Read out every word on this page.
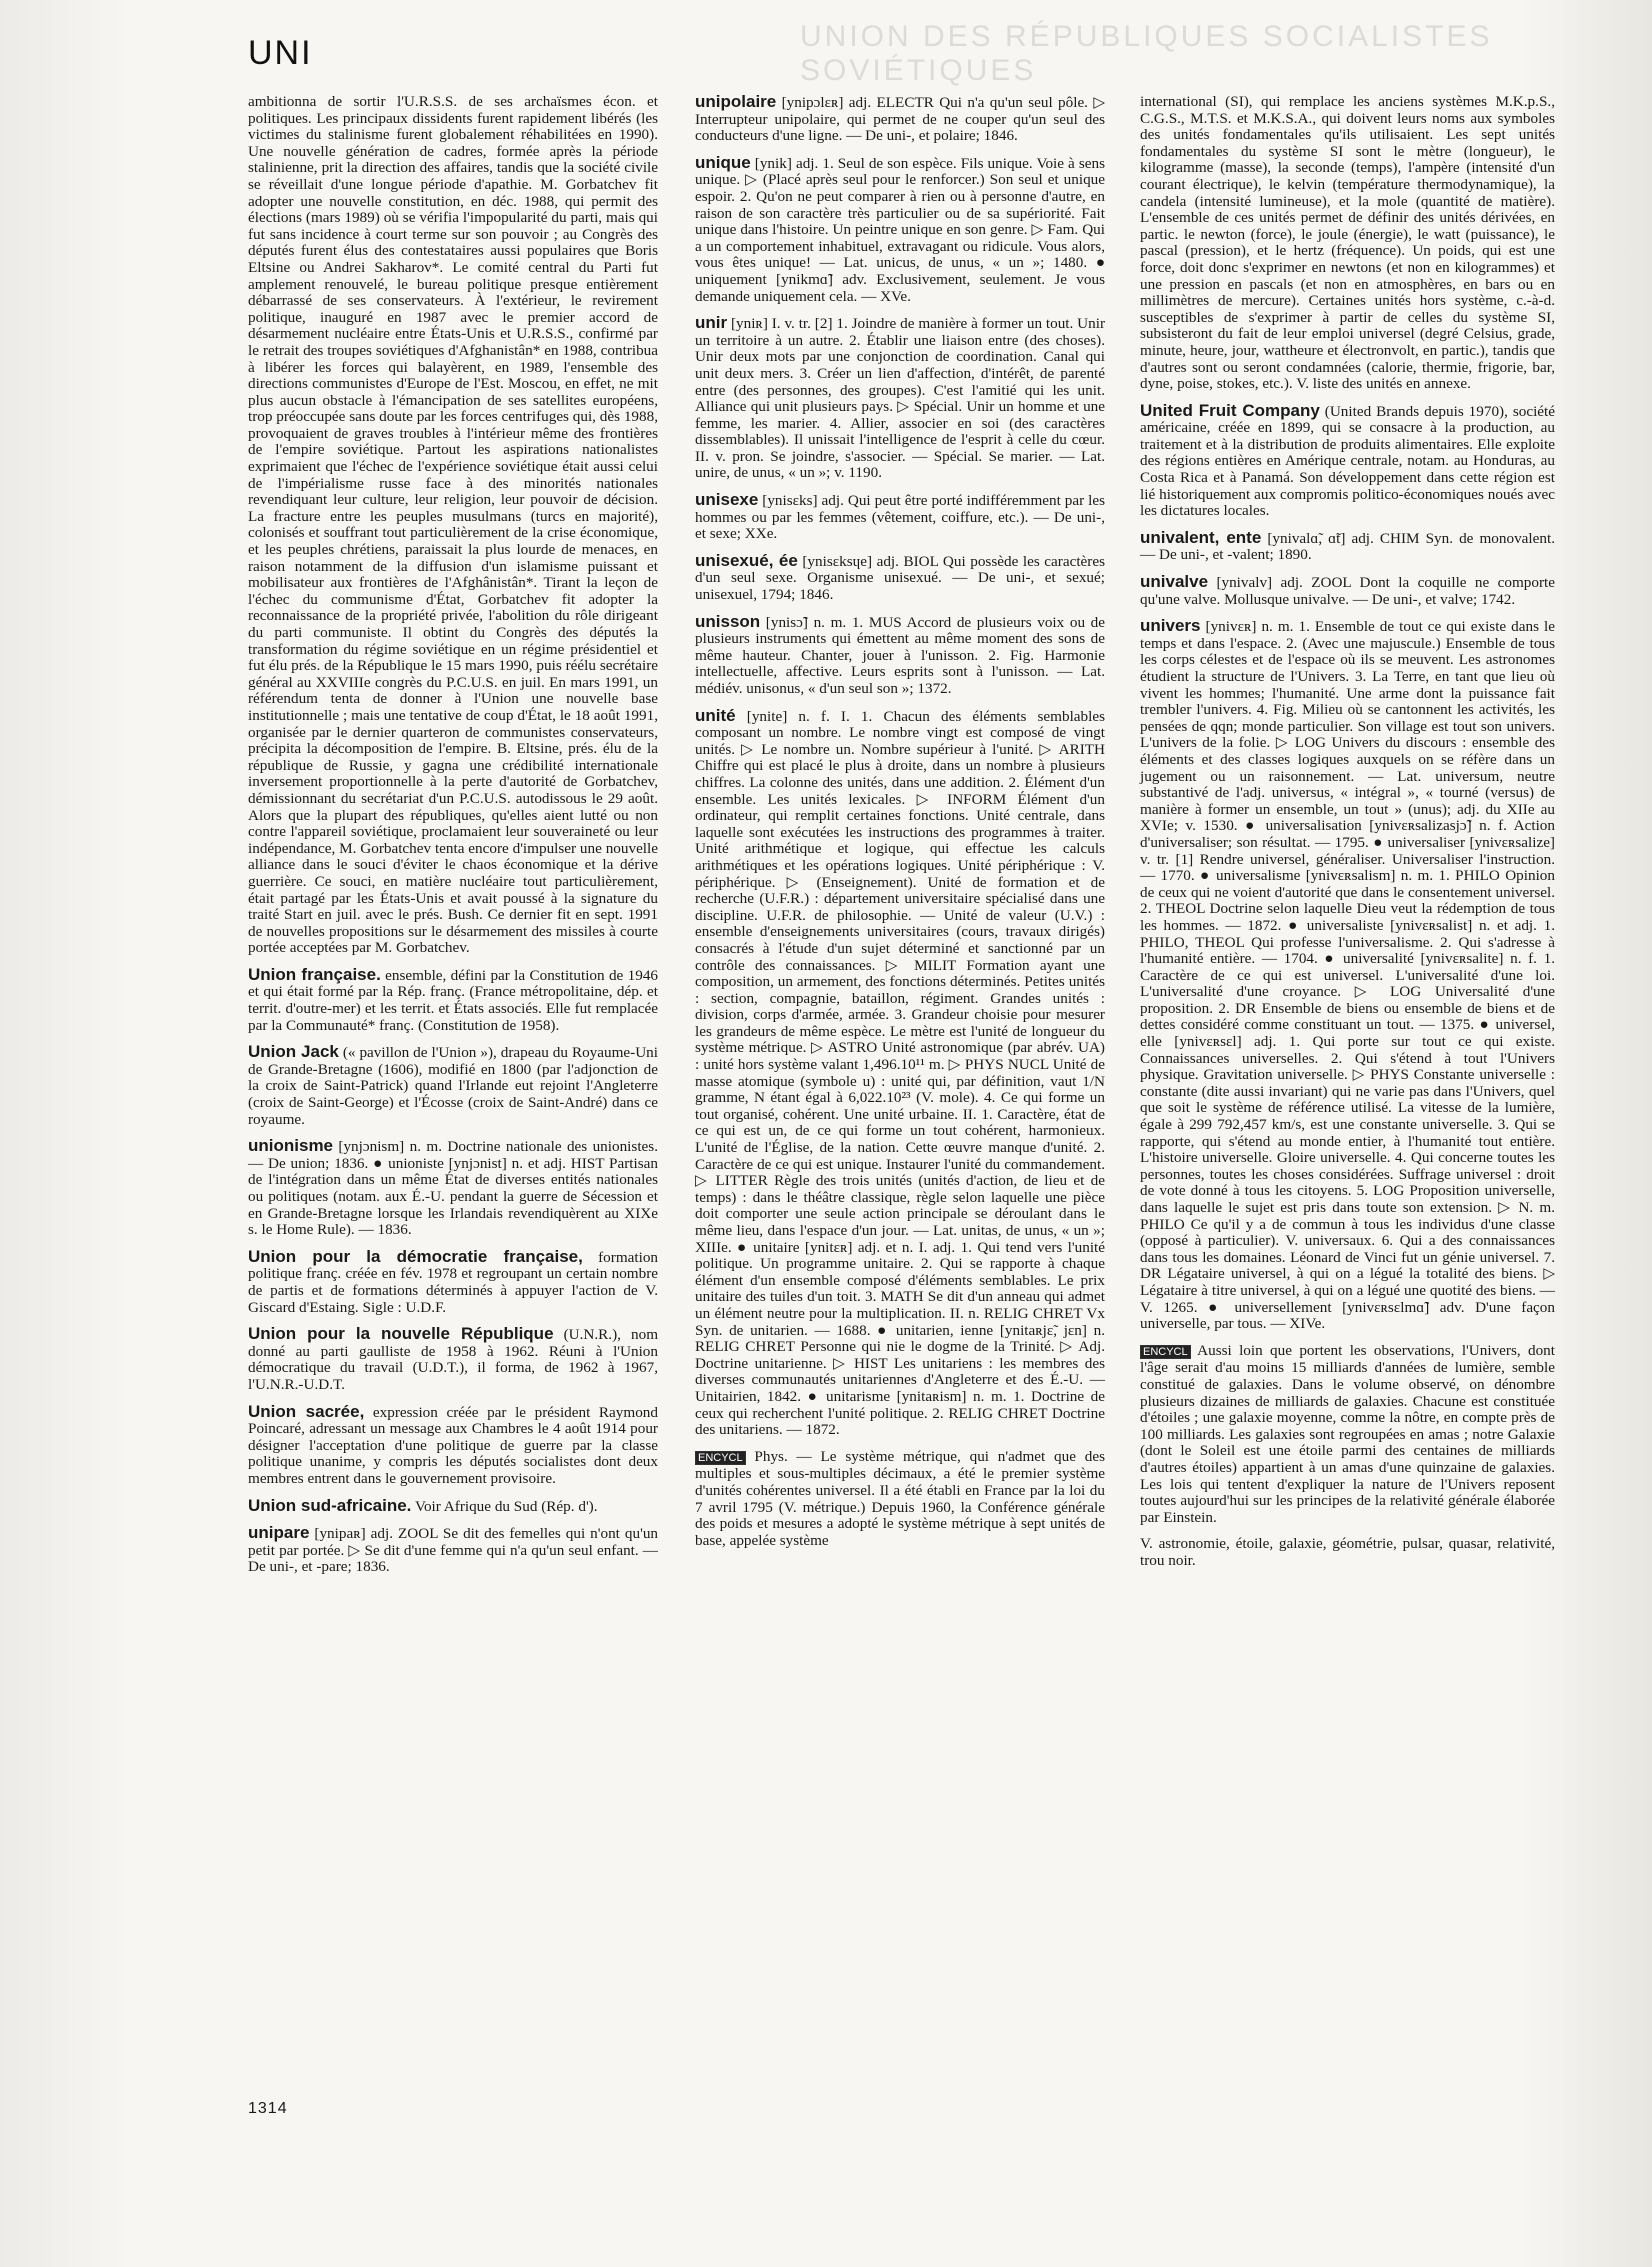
UNION DES RÉPUBLIQUES SOCIALISTES SOVIÉTIQUES
UNI

ambitionna de sortir l'U.R.S.S. de ses archaïsmes écon. et politiques. Les principaux dissidents furent rapidement libérés (les victimes du stalinisme furent globalement réhabilitées en 1990). Une nouvelle génération de cadres, formée après la période stalinienne, prit la direction des affaires, tandis que la société civile se réveillait d'une longue période d'apathie. M. Gorbatchev fit adopter une nouvelle constitution, en déc. 1988, qui permit des élections (mars 1989) où se vérifia l'impopularité du parti, mais qui fut sans incidence à court terme sur son pouvoir ; au Congrès des députés furent élus des contestataires aussi populaires que Boris Eltsine ou Andrei Sakharov*. Le comité central du Parti fut amplement renouvelé, le bureau politique presque entièrement débarrassé de ses conservateurs. À l'extérieur, le revirement politique, inauguré en 1987 avec le premier accord de désarmement nucléaire entre États-Unis et U.R.S.S., confirmé par le retrait des troupes soviétiques d'Afghanistân* en 1988, contribua à libérer les forces qui balayèrent, en 1989, l'ensemble des directions communistes d'Europe de l'Est. Moscou, en effet, ne mit plus aucun obstacle à l'émancipation de ses satellites européens, trop préoccupée sans doute par les forces centrifuges qui, dès 1988, provoquaient de graves troubles à l'intérieur même des frontières de l'empire soviétique. Partout les aspirations nationalistes exprimaient que l'échec de l'expérience soviétique était aussi celui de l'impérialisme russe face à des minorités nationales revendiquant leur culture, leur religion, leur pouvoir de décision. La fracture entre les peuples musulmans (turcs en majorité), colonisés et souffrant tout particulièrement de la crise économique, et les peuples chrétiens, paraissait la plus lourde de menaces, en raison notamment de la diffusion d'un islamisme puissant et mobilisateur aux frontières de l'Afghânistân*. Tirant la leçon de l'échec du communisme d'État, Gorbatchev fit adopter la reconnaissance de la propriété privée, l'abolition du rôle dirigeant du parti communiste. Il obtint du Congrès des députés la transformation du régime soviétique en un régime présidentiel et fut élu prés. de la République le 15 mars 1990, puis réélu secrétaire général au XXVIIIe congrès du P.C.U.S. en juil. En mars 1991, un référendum tenta de donner à l'Union une nouvelle base institutionnelle ; mais une tentative de coup d'État, le 18 août 1991, organisée par le dernier quarteron de communistes conservateurs, précipita la décomposition de l'empire. B. Eltsine, prés. élu de la république de Russie, y gagna une crédibilité internationale inversement proportionnelle à la perte d'autorité de Gorbatchev, démissionnant du secrétariat d'un P.C.U.S. autodissous le 29 août. Alors que la plupart des républiques, qu'elles aient lutté ou non contre l'appareil soviétique, proclamaient leur souveraineté ou leur indépendance, M. Gorbatchev tenta encore d'impulser une nouvelle alliance dans le souci d'éviter le chaos économique et la dérive guerrière. Ce souci, en matière nucléaire tout particulièrement, était partagé par les États-Unis et avait poussé à la signature du traité Start en juil. avec le prés. Bush. Ce dernier fit en sept. 1991 de nouvelles propositions sur le désarmement des missiles à courte portée acceptées par M. Gorbatchev.

Union française. ensemble, défini par la Constitution de 1946 et qui était formé par la Rép. franç. (France métropolitaine, dép. et territ. d'outre-mer) et les territ. et États associés. Elle fut remplacée par la Communauté* franç. (Constitution de 1958).

Union Jack (« pavillon de l'Union »), drapeau du Royaume-Uni de Grande-Bretagne (1606), modifié en 1800 (par l'adjonction de la croix de Saint-Patrick) quand l'Irlande eut rejoint l'Angleterre (croix de Saint-George) et l'Écosse (croix de Saint-André) dans ce royaume.

unionisme [ynjɔnism] n. m. Doctrine nationale des unionistes. — De union; 1836. ● unioniste [ynjɔnist] n. et adj. HIST Partisan de l'intégration dans un même État de diverses entités nationales ou politiques (notam. aux É.-U. pendant la guerre de Sécession et en Grande-Bretagne lorsque les Irlandais revendiquèrent au XIXe s. le Home Rule). — 1836.

Union pour la démocratie française, formation politique franç. créée en fév. 1978 et regroupant un certain nombre de partis et de formations déterminés à appuyer l'action de V. Giscard d'Estaing. Sigle : U.D.F.

Union pour la nouvelle République (U.N.R.), nom donné au parti gaulliste de 1958 à 1962. Réuni à l'Union démocratique du travail (U.D.T.), il forma, de 1962 à 1967, l'U.N.R.-U.D.T.

Union sacrée, expression créée par le président Raymond Poincaré, adressant un message aux Chambres le 4 août 1914 pour désigner l'acceptation d'une politique de guerre par la classe politique unanime, y compris les députés socialistes dont deux membres entrent dans le gouvernement provisoire.

Union sud-africaine. Voir Afrique du Sud (Rép. d').

unipare [ynipaʀ] adj. ZOOL Se dit des femelles qui n'ont qu'un petit par portée. ▷ Se dit d'une femme qui n'a qu'un seul enfant. — De uni-, et -pare; 1836.

unipolaire [ynipɔlɛʀ] adj. ELECTR Qui n'a qu'un seul pôle. ▷ Interrupteur unipolaire, qui permet de ne couper qu'un seul des conducteurs d'une ligne. — De uni-, et polaire; 1846.

unique [ynik] adj. 1. Seul de son espèce. Fils unique. Voie à sens unique. ▷ (Placé après seul pour le renforcer.) Son seul et unique espoir. 2. Qu'on ne peut comparer à rien ou à personne d'autre, en raison de son caractère très particulier ou de sa supériorité. Fait unique dans l'histoire. Un peintre unique en son genre. ▷ Fam. Qui a un comportement inhabituel, extravagant ou ridicule. Vous alors, vous êtes unique! — Lat. unicus, de unus, « un »; 1480. ● uniquement [ynikmɑ̃] adv. Exclusivement, seulement. Je vous demande uniquement cela. — XVe.

unir [yniʀ] I. v. tr. [2] 1. Joindre de manière à former un tout. Unir un territoire à un autre. 2. Établir une liaison entre (des choses). Unir deux mots par une conjonction de coordination. Canal qui unit deux mers. 3. Créer un lien d'affection, d'intérêt, de parenté entre (des personnes, des groupes). C'est l'amitié qui les unit. Alliance qui unit plusieurs pays. ▷ Spécial. Unir un homme et une femme, les marier. 4. Allier, associer en soi (des caractères dissemblables). Il unissait l'intelligence de l'esprit à celle du cœur. II. v. pron. Se joindre, s'associer. — Spécial. Se marier. — Lat. unire, de unus, « un »; v. 1190.

unisexe [ynisɛks] adj. Qui peut être porté indifféremment par les hommes ou par les femmes (vêtement, coiffure, etc.). — De uni-, et sexe; XXe.

unisexué, ée [ynisɛksɥe] adj. BIOL Qui possède les caractères d'un seul sexe. Organisme unisexué. — De uni-, et sexué; unisexuel, 1794; 1846.

unisson [ynisɔ̃] n. m. 1. MUS Accord de plusieurs voix ou de plusieurs instruments qui émettent au même moment des sons de même hauteur. Chanter, jouer à l'unisson. 2. Fig. Harmonie intellectuelle, affective. Leurs esprits sont à l'unisson. — Lat. médiév. unisonus, « d'un seul son »; 1372.

unité [ynite] n. f. I. 1. Chacun des éléments semblables composant un nombre. Le nombre vingt est composé de vingt unités. ▷ Le nombre un. Nombre supérieur à l'unité. ▷ ARITH Chiffre qui est placé le plus à droite, dans un nombre à plusieurs chiffres. La colonne des unités, dans une addition. 2. Élément d'un ensemble. Les unités lexicales. ▷ INFORM Élément d'un ordinateur, qui remplit certaines fonctions. Unité centrale, dans laquelle sont exécutées les instructions des programmes à traiter. Unité arithmétique et logique, qui effectue les calculs arithmétiques et les opérations logiques. Unité périphérique : V. périphérique. ▷ (Enseignement). Unité de formation et de recherche (U.F.R.) : département universitaire spécialisé dans une discipline. U.F.R. de philosophie. — Unité de valeur (U.V.) : ensemble d'enseignements universitaires (cours, travaux dirigés) consacrés à l'étude d'un sujet déterminé et sanctionné par un contrôle des connaissances. ▷ MILIT Formation ayant une composition, un armement, des fonctions déterminés. Petites unités : section, compagnie, bataillon, régiment. Grandes unités : division, corps d'armée, armée. 3. Grandeur choisie pour mesurer les grandeurs de même espèce. Le mètre est l'unité de longueur du système métrique. ▷ ASTRO Unité astronomique (par abrév. UA) : unité hors système valant 1,496.10¹¹ m. ▷ PHYS NUCL Unité de masse atomique (symbole u) : unité qui, par définition, vaut 1/N gramme, N étant égal à 6,022.10²³ (V. mole). 4. Ce qui forme un tout organisé, cohérent. Une unité urbaine. II. 1. Caractère, état de ce qui est un, de ce qui forme un tout cohérent, harmonieux. L'unité de l'Église, de la nation. Cette œuvre manque d'unité. 2. Caractère de ce qui est unique. Instaurer l'unité du commandement. ▷ LITTER Règle des trois unités (unités d'action, de lieu et de temps) : dans le théâtre classique, règle selon laquelle une pièce doit comporter une seule action principale se déroulant dans le même lieu, dans l'espace d'un jour. — Lat. unitas, de unus, « un »; XIIIe. ● unitaire [ynitɛʀ] adj. et n. I. adj. 1. Qui tend vers l'unité politique. Un programme unitaire. 2. Qui se rapporte à chaque élément d'un ensemble composé d'éléments semblables. Le prix unitaire des tuiles d'un toit. 3. MATH Se dit d'un anneau qui admet un élément neutre pour la multiplication. II. n. RELIG CHRET Vx Syn. de unitarien. — 1688. ● unitarien, ienne [ynitaʀjɛ̃, jɛn] n. RELIG CHRET Personne qui nie le dogme de la Trinité. ▷ Adj. Doctrine unitarienne. ▷ HIST Les unitariens : les membres des diverses communautés unitariennes d'Angleterre et des É.-U. — Unitairien, 1842. ● unitarisme [ynitaʀism] n. m. 1. Doctrine de ceux qui recherchent l'unité politique. 2. RELIG CHRET Doctrine des unitariens. — 1872.

ENCYCL Phys. — Le système métrique, qui n'admet que des multiples et sous-multiples décimaux, a été le premier système d'unités cohérentes universel. Il a été établi en France par la loi du 7 avril 1795 (V. métrique.) Depuis 1960, la Conférence générale des poids et mesures a adopté le système métrique à sept unités de base, appelée système

international (SI), qui remplace les anciens systèmes M.K.p.S., C.G.S., M.T.S. et M.K.S.A., qui doivent leurs noms aux symboles des unités fondamentales qu'ils utilisaient. Les sept unités fondamentales du système SI sont le mètre (longueur), le kilogramme (masse), la seconde (temps), l'ampère (intensité d'un courant électrique), le kelvin (température thermodynamique), la candela (intensité lumineuse), et la mole (quantité de matière). L'ensemble de ces unités permet de définir des unités dérivées, en partic. le newton (force), le joule (énergie), le watt (puissance), le pascal (pression), et le hertz (fréquence). Un poids, qui est une force, doit donc s'exprimer en newtons (et non en kilogrammes) et une pression en pascals (et non en atmosphères, en bars ou en millimètres de mercure). Certaines unités hors système, c.-à-d. susceptibles de s'exprimer à partir de celles du système SI, subsisteront du fait de leur emploi universel (degré Celsius, grade, minute, heure, jour, wattheure et électronvolt, en partic.), tandis que d'autres sont ou seront condamnées (calorie, thermie, frigorie, bar, dyne, poise, stokes, etc.). V. liste des unités en annexe.

United Fruit Company (United Brands depuis 1970), société américaine, créée en 1899, qui se consacre à la production, au traitement et à la distribution de produits alimentaires. Elle exploite des régions entières en Amérique centrale, notam. au Honduras, au Costa Rica et à Panamá. Son développement dans cette région est lié historiquement aux compromis politico-économiques noués avec les dictatures locales.

univalent, ente [ynivalɑ̃, ɑ̃t] adj. CHIM Syn. de monovalent. — De uni-, et -valent; 1890.

univalve [ynivalv] adj. ZOOL Dont la coquille ne comporte qu'une valve. Mollusque univalve. — De uni-, et valve; 1742.

univers [ynivɛʀ] n. m. 1. Ensemble de tout ce qui existe dans le temps et dans l'espace. 2. (Avec une majuscule.) Ensemble de tous les corps célestes et de l'espace où ils se meuvent. Les astronomes étudient la structure de l'Univers. 3. La Terre, en tant que lieu où vivent les hommes; l'humanité. Une arme dont la puissance fait trembler l'univers. 4. Fig. Milieu où se cantonnent les activités, les pensées de qqn; monde particulier. Son village est tout son univers. L'univers de la folie. ▷ LOG Univers du discours : ensemble des éléments et des classes logiques auxquels on se réfère dans un jugement ou un raisonnement. — Lat. universum, neutre substantivé de l'adj. universus, « intégral », « tourné (versus) de manière à former un ensemble, un tout » (unus); adj. du XIIe au XVIe; v. 1530. ● universalisation [ynivɛʀsalizasjɔ̃] n. f. Action d'universaliser; son résultat. — 1795. ● universaliser [ynivɛʀsalize] v. tr. [1] Rendre universel, généraliser. Universaliser l'instruction. — 1770. ● universalisme [ynivɛʀsalism] n. m. 1. PHILO Opinion de ceux qui ne voient d'autorité que dans le consentement universel. 2. THEOL Doctrine selon laquelle Dieu veut la rédemption de tous les hommes. — 1872. ● universaliste [ynivɛʀsalist] n. et adj. 1. PHILO, THEOL Qui professe l'universalisme. 2. Qui s'adresse à l'humanité entière. — 1704. ● universalité [ynivɛʀsalite] n. f. 1. Caractère de ce qui est universel. L'universalité d'une loi. L'universalité d'une croyance. ▷ LOG Universalité d'une proposition. 2. DR Ensemble de biens ou ensemble de biens et de dettes considéré comme constituant un tout. — 1375. ● universel, elle [ynivɛʀsɛl] adj. 1. Qui porte sur tout ce qui existe. Connaissances universelles. 2. Qui s'étend à tout l'Univers physique. Gravitation universelle. ▷ PHYS Constante universelle : constante (dite aussi invariant) qui ne varie pas dans l'Univers, quel que soit le système de référence utilisé. La vitesse de la lumière, égale à 299 792,457 km/s, est une constante universelle. 3. Qui se rapporte, qui s'étend au monde entier, à l'humanité tout entière. L'histoire universelle. Gloire universelle. 4. Qui concerne toutes les personnes, toutes les choses considérées. Suffrage universel : droit de vote donné à tous les citoyens. 5. LOG Proposition universelle, dans laquelle le sujet est pris dans toute son extension. ▷ N. m. PHILO Ce qu'il y a de commun à tous les individus d'une classe (opposé à particulier). V. universaux. 6. Qui a des connaissances dans tous les domaines. Léonard de Vinci fut un génie universel. 7. DR Légataire universel, à qui on a légué la totalité des biens. ▷ Légataire à titre universel, à qui on a légué une quotité des biens. — V. 1265. ● universellement [ynivɛʀsɛlmɑ̃] adv. D'une façon universelle, par tous. — XIVe.

ENCYCL Aussi loin que portent les observations, l'Univers, dont l'âge serait d'au moins 15 milliards d'années de lumière, semble constitué de galaxies. Dans le volume observé, on dénombre plusieurs dizaines de milliards de galaxies. Chacune est constituée d'étoiles ; une galaxie moyenne, comme la nôtre, en compte près de 100 milliards. Les galaxies sont regroupées en amas ; notre Galaxie (dont le Soleil est une étoile parmi des centaines de milliards d'autres étoiles) appartient à un amas d'une quinzaine de galaxies. Les lois qui tentent d'expliquer la nature de l'Univers reposent toutes aujourd'hui sur les principes de la relativité générale élaborée par Einstein.

V. astronomie, étoile, galaxie, géométrie, pulsar, quasar, relativité, trou noir.

1314
